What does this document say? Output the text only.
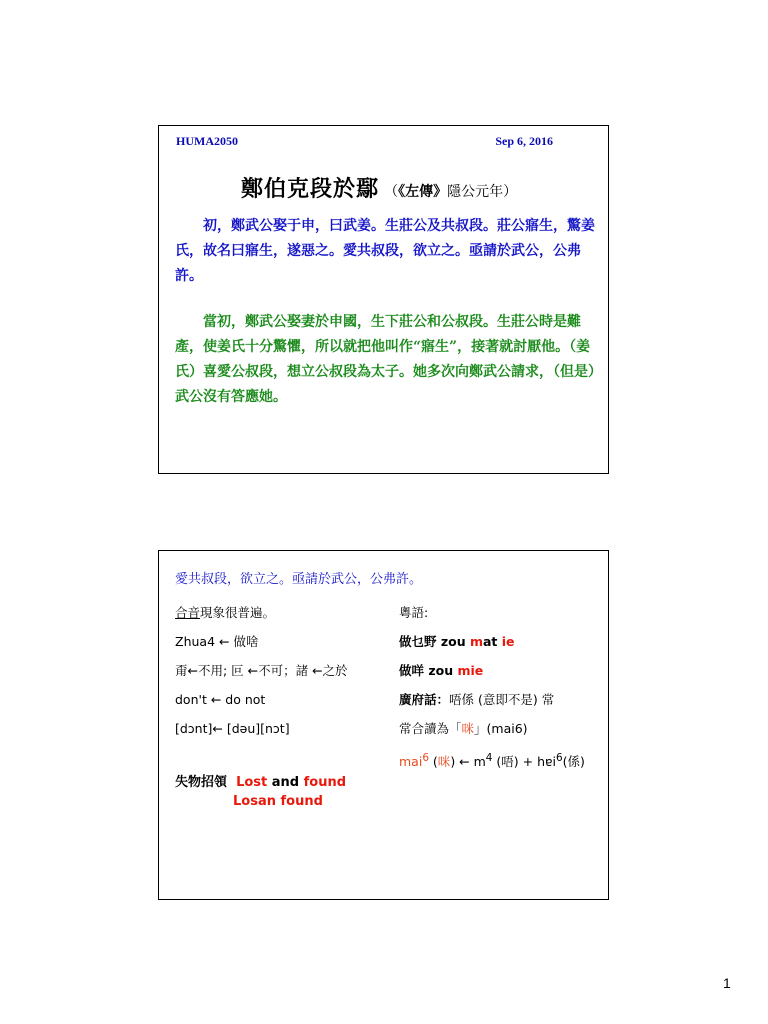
HUMA2050	Sep 6, 2016
鄭伯克段於鄢 （《左傳》隱公元年）
初，鄭武公娶于申，曰武姜。生莊公及共叔段。莊公寤生，驚姜氏，故名曰寤生，遂惡之。愛共叔段，欲立之。亟請於武公，公弗許。
當初，鄭武公娶妻於申國，生下莊公和公叔段。生莊公時是難產，使姜氏十分驚懼，所以就把他叫作“寤生”，接著就討厭他。（姜氏）喜愛公叔段，想立公叔段為太子。她多次向鄭武公請求，（但是）武公沒有答應她。
愛共叔段，欲立之。亟請於武公，公弗許。
合音現象很普遍。
Zhua4 ← 做啥
甭←不用; 叵 ←不可；諸 ←之於
don't ← do not
[dɔnt]← [dəu][nɔt]
粵語:
做乜野 zou mat ie
做咩 zou mie
廣府話：唔係 (意即不是) 常
常合讀為「咪」(mai6)
mai$^6$ (咪) ← $m^4$ (唔) + hɐi$^6$(係)
失物招領 Lost and found
Losan found
1
